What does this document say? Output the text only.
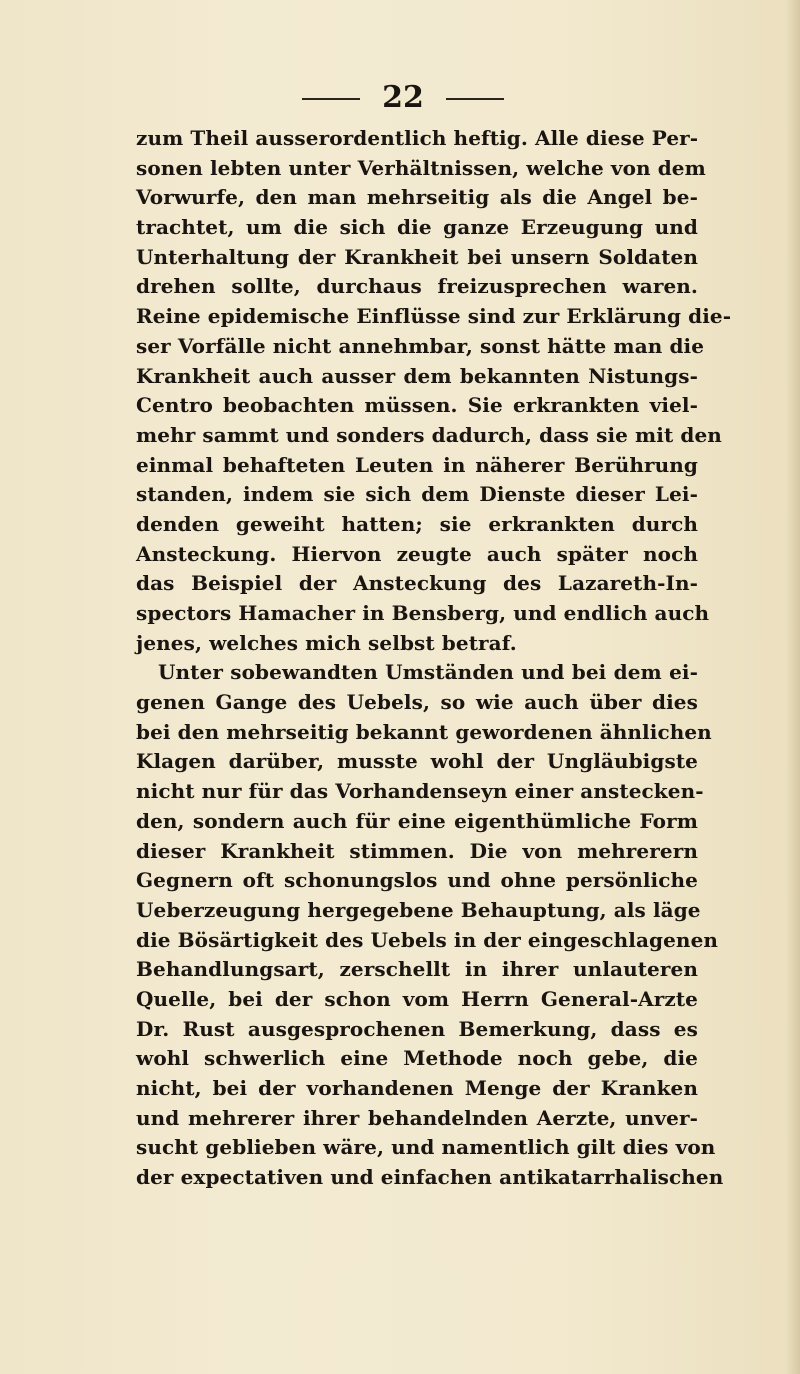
22
zum Theil ausserordentlich heftig. Alle diese Per-
sonen lebten unter Verhältnissen, welche von dem
Vorwurfe, den man mehrseitig als die Angel be-
trachtet, um die sich die ganze Erzeugung und
Unterhaltung der Krankheit bei unsern Soldaten
drehen sollte, durchaus freizusprechen waren.
Reine epidemische Einflüsse sind zur Erklärung die-
ser Vorfälle nicht annehmbar, sonst hätte man die
Krankheit auch ausser dem bekannten Nistungs-
Centro beobachten müssen. Sie erkrankten viel-
mehr sammt und sonders dadurch, dass sie mit den
einmal behafteten Leuten in näherer Berührung
standen, indem sie sich dem Dienste dieser Lei-
denden geweiht hatten; sie erkrankten durch
Ansteckung. Hiervon zeugte auch später noch
das Beispiel der Ansteckung des Lazareth-In-
spectors Hamacher in Bensberg, und endlich auch
jenes, welches mich selbst betraf.
Unter sobewandten Umständen und bei dem ei-
genen Gange des Uebels, so wie auch über dies
bei den mehrseitig bekannt gewordenen ähnlichen
Klagen darüber, musste wohl der Ungläubigste
nicht nur für das Vorhandenseyn einer anstecken-
den, sondern auch für eine eigenthümliche Form
dieser Krankheit stimmen. Die von mehrerern
Gegnern oft schonungslos und ohne persönliche
Ueberzeugung hergegebene Behauptung, als läge
die Bösärtigkeit des Uebels in der eingeschlagenen
Behandlungsart, zerschellt in ihrer unlauteren
Quelle, bei der schon vom Herrn General-Arzte
Dr. Rust ausgesprochenen Bemerkung, dass es
wohl schwerlich eine Methode noch gebe, die
nicht, bei der vorhandenen Menge der Kranken
und mehrerer ihrer behandelnden Aerzte, unver-
sucht geblieben wäre, und namentlich gilt dies von
der expectativen und einfachen antikatarrhalischen
